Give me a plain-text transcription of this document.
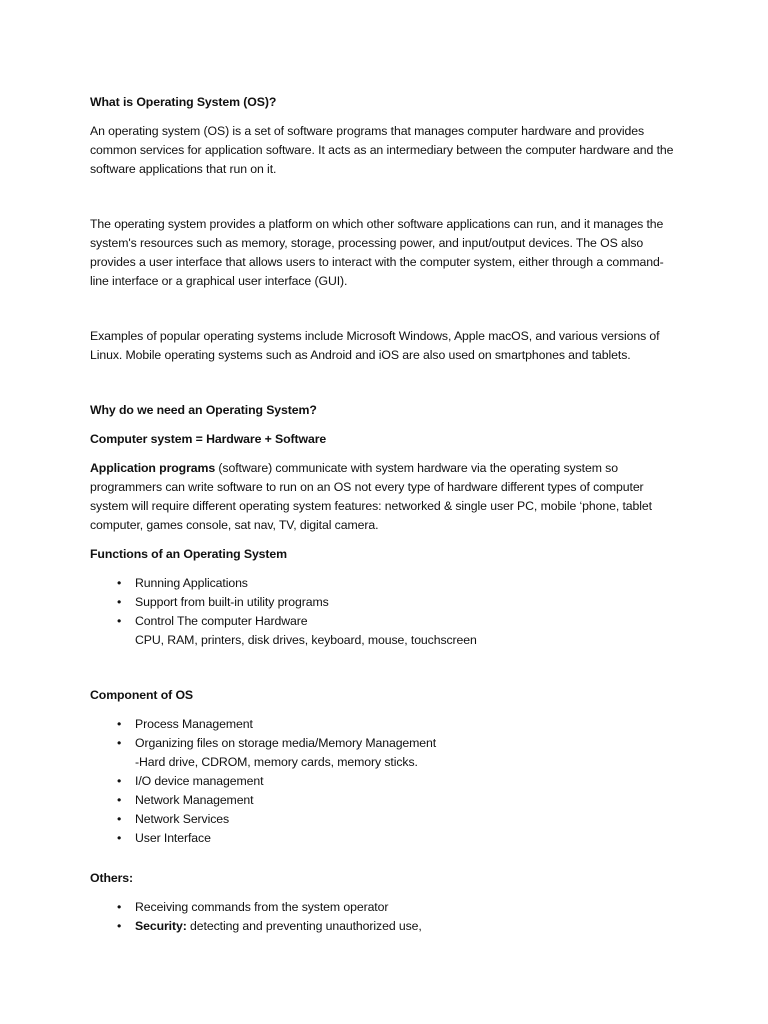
What is Operating System (OS)?

An operating system (OS) is a set of software programs that manages computer hardware and provides common services for application software. It acts as an intermediary between the computer hardware and the software applications that run on it.

The operating system provides a platform on which other software applications can run, and it manages the system's resources such as memory, storage, processing power, and input/output devices. The OS also provides a user interface that allows users to interact with the computer system, either through a command-line interface or a graphical user interface (GUI).

Examples of popular operating systems include Microsoft Windows, Apple macOS, and various versions of Linux. Mobile operating systems such as Android and iOS are also used on smartphones and tablets.

Why do we need an Operating System?

Computer system = Hardware + Software

Application programs (software) communicate with system hardware via the operating system so programmers can write software to run on an OS not every type of hardware different types of computer system will require different operating system features: networked & single user PC, mobile ‘phone, tablet computer, games console, sat nav, TV, digital camera.

Functions of an Operating System

• Running Applications
• Support from built-in utility programs
• Control The computer Hardware
CPU, RAM, printers, disk drives, keyboard, mouse, touchscreen

Component of OS

• Process Management
• Organizing files on storage media/Memory Management
-Hard drive, CDROM, memory cards, memory sticks.
• I/O device management
• Network Management
• Network Services
• User Interface

Others:

• Receiving commands from the system operator
• Security: detecting and preventing unauthorized use,
